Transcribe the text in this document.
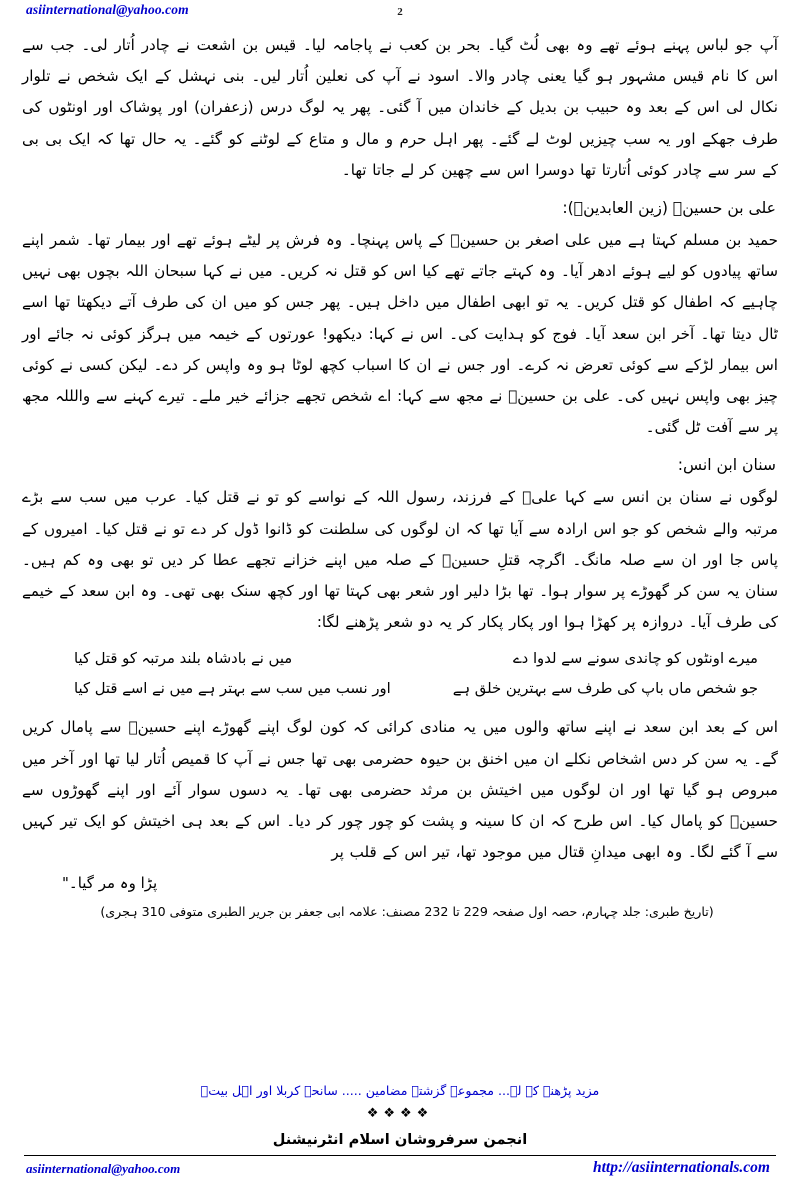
asiinternational@yahoo.com	2

آپ جو لباس پہنے ہوئے تھے وہ بھی لُٹ گیا۔ بحر بن کعب نے پاجامہ لیا۔ قیس بن اشعت نے چادر اُتار لی۔ جب سے اس کا نام قیس مشہور ہو گیا یعنی چادر والا۔ اسود نے آپ کی نعلین اُتار لیں۔ بنی نہشل کے ایک شخص نے تلوار نکال لی اس کے بعد وہ حبیب بن بدیل کے خاندان میں آ گئی۔ پھر یہ لوگ درس (زعفران) اور پوشاک اور اونٹوں کی طرف جھکے اور یہ سب چیزیں لوٹ لے گئے۔ پھر اہل حرم و مال و متاع کے لوٹنے کو گئے۔ یہ حال تھا کہ ایک بی بی کے سر سے چادر کوئی اُتارتا تھا دوسرا اس سے چھین کر لے جاتا تھا۔

علی بن حسینؑ (زین العابدینؑ):

حمید بن مسلم کہتا ہے میں علی اصغر بن حسینؑ کے پاس پہنچا۔ وہ فرش پر لیٹے ہوئے تھے اور بیمار تھا۔ شمر اپنے ساتھ پیادوں کو لیے ہوئے ادھر آیا۔ وہ کہتے جاتے تھے کیا اس کو قتل نہ کریں۔ میں نے کہا سبحان اللہ بچوں بھی نہیں چاہیے کہ اطفال کو قتل کریں۔ یہ تو ابھی اطفال میں داخل ہیں۔ پھر جس کو میں ان کی طرف آتے دیکھتا تھا اسے ٹال دیتا تھا۔ آخر ابن سعد آیا۔ فوج کو ہدایت کی۔ اس نے کہا: دیکھو! عورتوں کے خیمہ میں ہرگز کوئی نہ جائے اور اس بیمار لڑکے سے کوئی تعرض نہ کرے۔ اور جس نے ان کا اسباب کچھ لوٹا ہو وہ واپس کر دے۔ لیکن کسی نے کوئی چیز بھی واپس نہیں کی۔ علی بن حسینؑ نے مجھ سے کہا: اے شخص تجھے جزائے خیر ملے۔ تیرے کہنے سے والللہ مجھ پر سے آفت ٹل گئی۔

سنان ابن انس:

لوگوں نے سنان بن انس سے کہا علیؑ کے فرزند، رسول اللہ کے نواسے کو تو نے قتل کیا۔ عرب میں سب سے بڑے مرتبہ والے شخص کو جو اس ارادہ سے آیا تھا کہ ان لوگوں کی سلطنت کو ڈانوا ڈول کر دے تو نے قتل کیا۔ امیروں کے پاس جا اور ان سے صلہ مانگ۔ اگرچہ قتلِ حسینؑ کے صلہ میں اپنے خزانے تجھے عطا کر دیں تو بھی وہ کم ہیں۔ سنان یہ سن کر گھوڑے پر سوار ہوا۔ تھا بڑا دلیر اور شعر بھی کہتا تھا اور کچھ سنک بھی تھی۔ وہ ابن سعد کے خیمے کی طرف آیا۔ دروازہ پر کھڑا ہوا اور پکار پکار کر یہ دو شعر پڑھنے لگا:

میرے اونٹوں کو چاندی سونے سے لدوا دے
میں نے بادشاہ بلند مرتبہ کو قتل کیا
جو شخص ماں باپ کی طرف سے بہترین خلق ہے
اور نسب میں سب سے بہتر ہے میں نے اسے قتل کیا

اس کے بعد ابن سعد نے اپنے ساتھ والوں میں یہ منادی کرائی کہ کون لوگ اپنے گھوڑے اپنے حسینؑ سے پامال کریں گے۔ یہ سن کر دس اشخاص نکلے ان میں اخنق بن حیوہ حضرمی بھی تھا جس نے آپ کا قمیص اُتار لیا تھا اور آخر میں مبروص ہو گیا تھا اور ان لوگوں میں اخیتش بن مرثد حضرمی بھی تھا۔ یہ دسوں سوار آئے اور اپنے گھوڑوں سے حسینؑ کو پامال کیا۔ اس طرح کہ ان کا سینہ و پشت کو چور چور کر دیا۔ اس کے بعد ہی اخیتش کو ایک تیر کہیں سے آ گئے لگا۔ وہ ابھی میدانِ قتال میں موجود تھا، تیر اس کے قلب پر

پڑا وہ مر گیا۔"

(تاریخ طبری: جلد چہارم، حصہ اول صفحہ 229 تا 232 مصنف: علامہ ابی جعفر بن جریر الطبری متوفی 310 ہجری)

مزید پڑھنے کے لۓ... مجموعہ گزشتہ مضامین ..... سانحہ کربلا اور اہل بیتؑ
❖❖❖❖
انجمن سرفروشان اسلام انٹرنیشنل
asiinternational@yahoo.com	http://asiinternationals.com
